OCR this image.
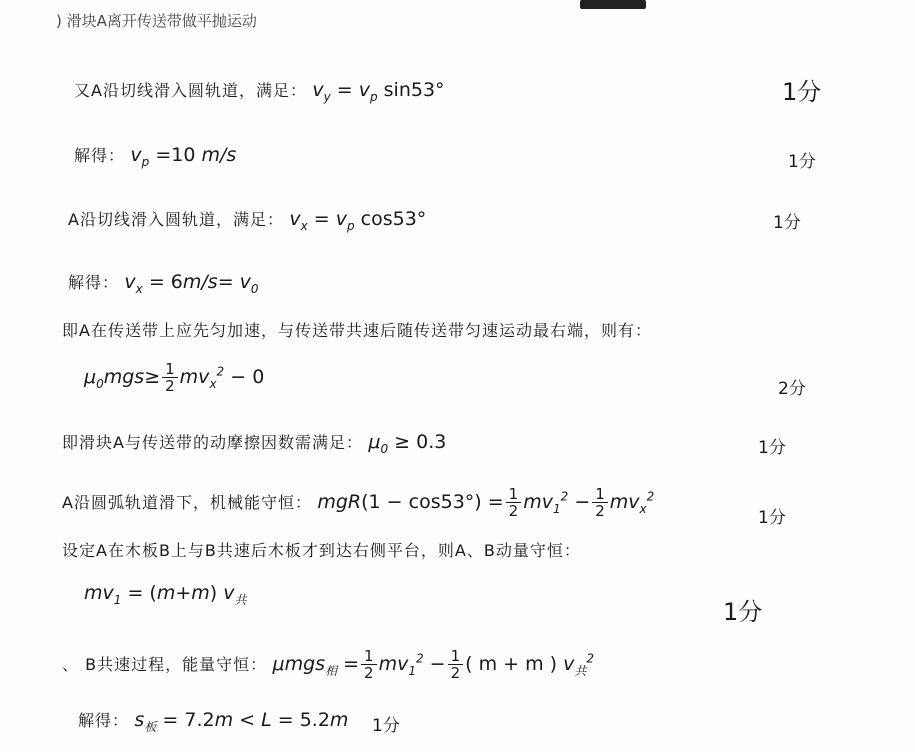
) 滑块A离开传送带做平抛运动
又A沿切线滑入圆轨道，满足： $v_y = v_p$ sin53°	1分
解得： $v_p =10$ m/s	1分
A沿切线滑入圆轨道，满足： $v_x = v_p$ cos53°	1分
解得： $v_x = 6m/s= v_0$
即A在传送带上应先匀加速，与传送带共速后随传送带匀速运动最右端，则有：
$\mu_0mgs\ge \frac{1}{2} mv_x^2 - 0$
2分
即滑块A与传送带的动摩擦因数需满足： $\mu_0 \ge 0.3$	1分
A沿圆弧轨道滑下，机械能守恒： $mgR(1 - \cos 53^\circ) = \frac{1}{2} mv_1^2 - \frac{1}{2} mv_x^2$
1分
设定A在木板B上与B共速后木板才到达右侧平台，则A、B动量守恒：
$mv_1 = (m+m)$ $v_共$	1分
、 B共速过程，能量守恒： $\mu mgs_相 = \frac{1}{2} mv_1^2 - \frac{1}{2}$ ( m + m ) $v_共^2$
解得： $s_板 = 7.2m < L = 5.2m$ 1分
